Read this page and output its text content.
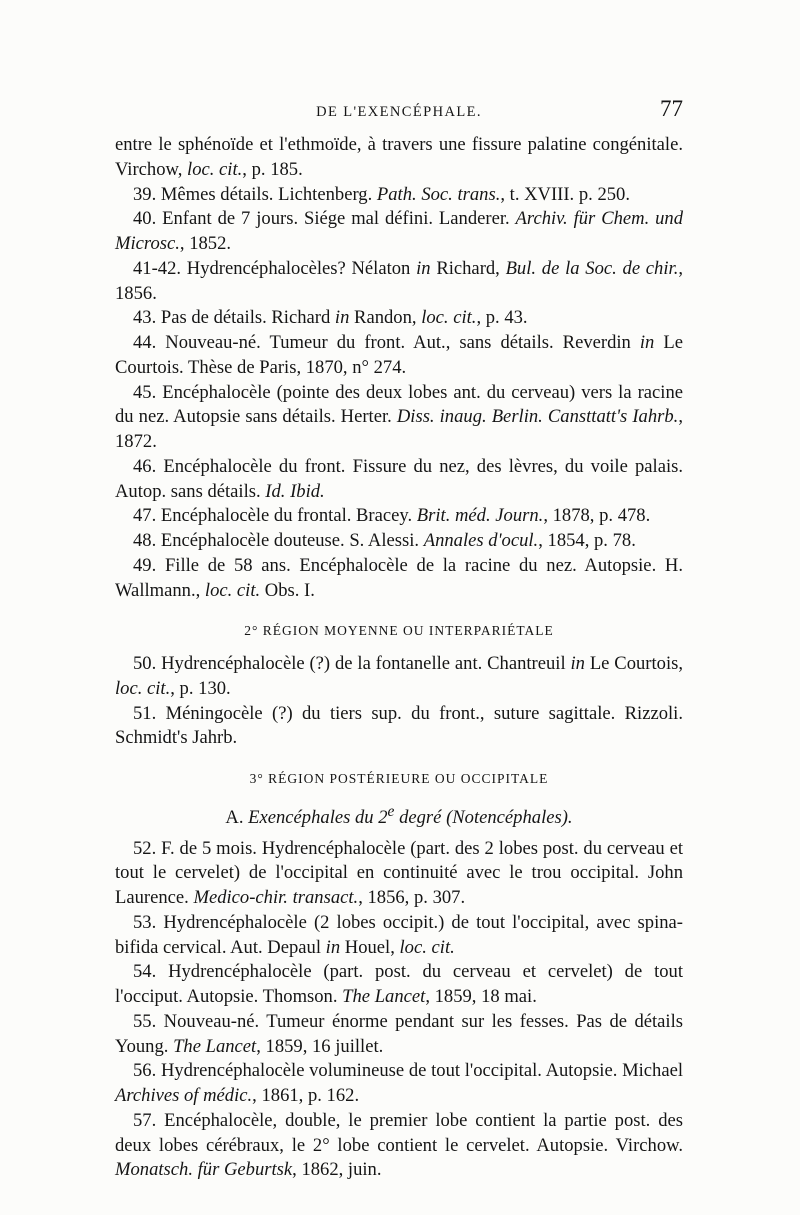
DE L'EXENCÉPHALE.	77

entre le sphénoïde et l'ethmoïde, à travers une fissure palatine congénitale. Virchow, loc. cit., p. 185.

39. Mêmes détails. Lichtenberg. Path. Soc. trans., t. XVIII. p. 250.

40. Enfant de 7 jours. Siége mal défini. Landerer. Archiv. für Chem. und Microsc., 1852.

41-42. Hydrencéphalocèles? Nélaton in Richard, Bul. de la Soc. de chir., 1856.

43. Pas de détails. Richard in Randon, loc. cit., p. 43.

44. Nouveau-né. Tumeur du front. Aut., sans détails. Reverdin in Le Courtois. Thèse de Paris, 1870, n° 274.

45. Encéphalocèle (pointe des deux lobes ant. du cerveau) vers la racine du nez. Autopsie sans détails. Herter. Diss. inaug. Berlin. Cansttatt's Iahrb., 1872.

46. Encéphalocèle du front. Fissure du nez, des lèvres, du voile palais. Autop. sans détails. Id. Ibid.

47. Encéphalocèle du frontal. Bracey. Brit. méd. Journ., 1878, p. 478.

48. Encéphalocèle douteuse. S. Alessi. Annales d'ocul., 1854, p. 78.

49. Fille de 58 ans. Encéphalocèle de la racine du nez. Autopsie. H. Wallmann., loc. cit. Obs. I.

2° RÉGION MOYENNE OU INTERPARIÉTALE

50. Hydrencéphalocèle (?) de la fontanelle ant. Chantreuil in Le Courtois, loc. cit., p. 130.

51. Méningocèle (?) du tiers sup. du front., suture sagittale. Rizzoli. Schmidt's Jahrb.

3° RÉGION POSTÉRIEURE OU OCCIPITALE

A. Exencéphales du 2e degré (Notencéphales).

52. F. de 5 mois. Hydrencéphalocèle (part. des 2 lobes post. du cerveau et tout le cervelet) de l'occipital en continuité avec le trou occipital. John Laurence. Medico-chir. transact., 1856, p. 307.

53. Hydrencéphalocèle (2 lobes occipit.) de tout l'occipital, avec spina-bifida cervical. Aut. Depaul in Houel, loc. cit.

54. Hydrencéphalocèle (part. post. du cerveau et cervelet) de tout l'occiput. Autopsie. Thomson. The Lancet, 1859, 18 mai.

55. Nouveau-né. Tumeur énorme pendant sur les fesses. Pas de détails Young. The Lancet, 1859, 16 juillet.

56. Hydrencéphalocèle volumineuse de tout l'occipital. Autopsie. Michael Archives of médic., 1861, p. 162.

57. Encéphalocèle, double, le premier lobe contient la partie post. des deux lobes cérébraux, le 2° lobe contient le cervelet. Autopsie. Virchow. Monatsch. für Geburtsk, 1862, juin.
